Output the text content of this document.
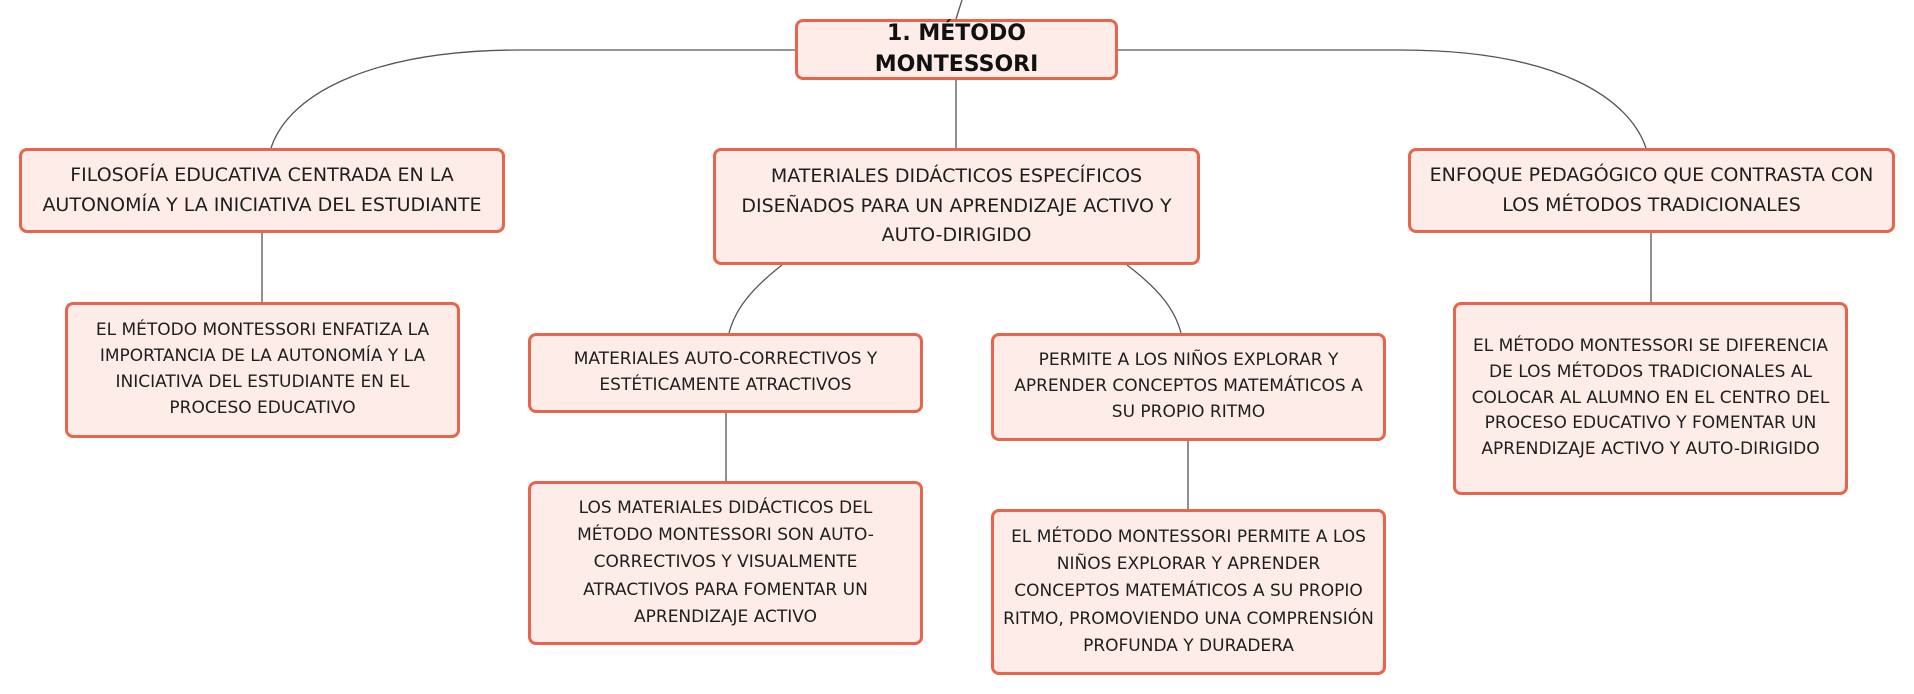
1. MÉTODO MONTESSORI
FILOSOFÍA EDUCATIVA CENTRADA EN LA AUTONOMÍA Y LA INICIATIVA DEL ESTUDIANTE
MATERIALES DIDÁCTICOS ESPECÍFICOS DISEÑADOS PARA UN APRENDIZAJE ACTIVO Y AUTO-DIRIGIDO
ENFOQUE PEDAGÓGICO QUE CONTRASTA CON LOS MÉTODOS TRADICIONALES
EL MÉTODO MONTESSORI ENFATIZA LA IMPORTANCIA DE LA AUTONOMÍA Y LA INICIATIVA DEL ESTUDIANTE EN EL PROCESO EDUCATIVO
MATERIALES AUTO-CORRECTIVOS Y ESTÉTICAMENTE ATRACTIVOS
PERMITE A LOS NIÑOS EXPLORAR Y APRENDER CONCEPTOS MATEMÁTICOS A SU PROPIO RITMO
EL MÉTODO MONTESSORI SE DIFERENCIA DE LOS MÉTODOS TRADICIONALES AL COLOCAR AL ALUMNO EN EL CENTRO DEL PROCESO EDUCATIVO Y FOMENTAR UN APRENDIZAJE ACTIVO Y AUTO-DIRIGIDO
LOS MATERIALES DIDÁCTICOS DEL MÉTODO MONTESSORI SON AUTO-CORRECTIVOS Y VISUALMENTE ATRACTIVOS PARA FOMENTAR UN APRENDIZAJE ACTIVO
EL MÉTODO MONTESSORI PERMITE A LOS NIÑOS EXPLORAR Y APRENDER CONCEPTOS MATEMÁTICOS A SU PROPIO RITMO, PROMOVIENDO UNA COMPRENSIÓN PROFUNDA Y DURADERA
